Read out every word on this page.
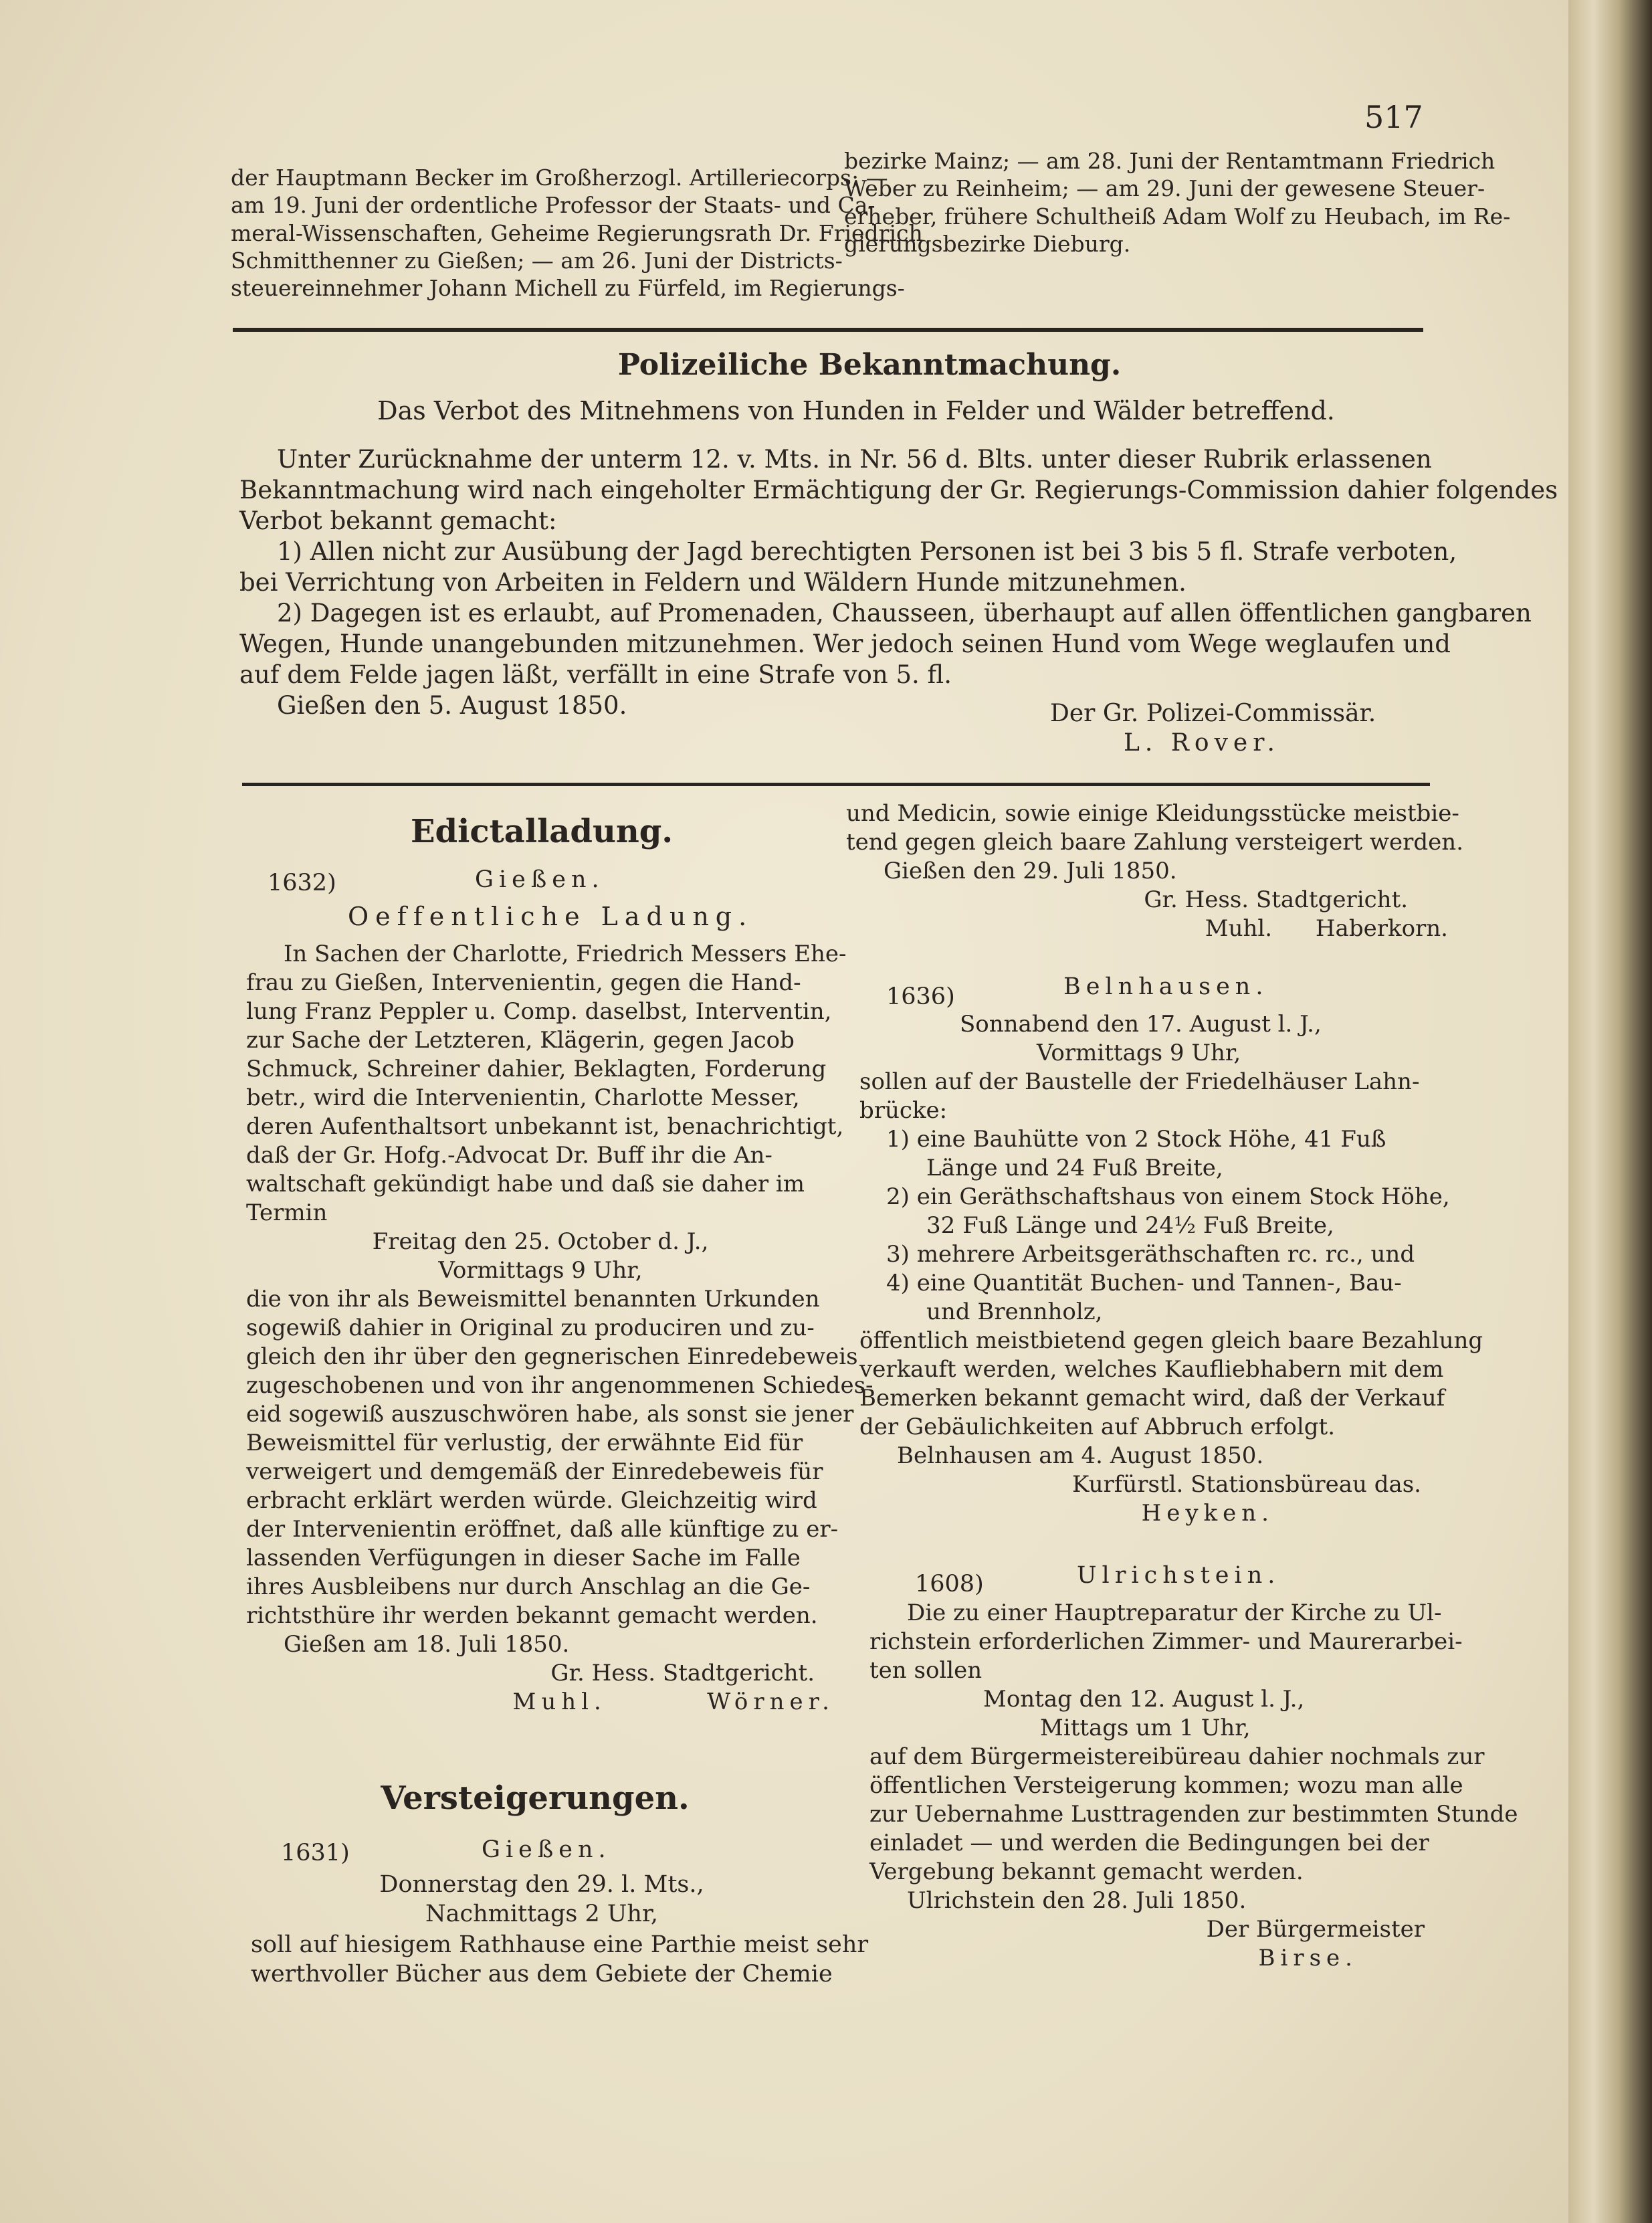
517
der Hauptmann Becker im Großherzogl. Artilleriecorps; —
am 19. Juni der ordentliche Professor der Staats- und Ca-
meral-Wissenschaften, Geheime Regierungsrath Dr. Friedrich
Schmitthenner zu Gießen; — am 26. Juni der Districts-
steuereinnehmer Johann Michell zu Fürfeld, im Regierungs-
bezirke Mainz; — am 28. Juni der Rentamtmann Friedrich
Weber zu Reinheim; — am 29. Juni der gewesene Steuer-
erheber, frühere Schultheiß Adam Wolf zu Heubach, im Re-
gierungsbezirke Dieburg.
Polizeiliche Bekanntmachung.
Das Verbot des Mitnehmens von Hunden in Felder und Wälder betreffend.
Unter Zurücknahme der unterm 12. v. Mts. in Nr. 56 d. Blts. unter dieser Rubrik erlassenen
Bekanntmachung wird nach eingeholter Ermächtigung der Gr. Regierungs-Commission dahier folgendes
Verbot bekannt gemacht:
1) Allen nicht zur Ausübung der Jagd berechtigten Personen ist bei 3 bis 5 fl. Strafe verboten,
bei Verrichtung von Arbeiten in Feldern und Wäldern Hunde mitzunehmen.
2) Dagegen ist es erlaubt, auf Promenaden, Chausseen, überhaupt auf allen öffentlichen gangbaren
Wegen, Hunde unangebunden mitzunehmen. Wer jedoch seinen Hund vom Wege weglaufen und
auf dem Felde jagen läßt, verfällt in eine Strafe von 5. fl.
Gießen den 5. August 1850.	Der Gr. Polizei-Commissär.
L. Rover.
Edictalladung.
1632)	Gießen.
Oeffentliche Ladung.
In Sachen der Charlotte, Friedrich Messers Ehe-
frau zu Gießen, Intervenientin, gegen die Hand-
lung Franz Peppler u. Comp. daselbst, Interventin,
zur Sache der Letzteren, Klägerin, gegen Jacob
Schmuck, Schreiner dahier, Beklagten, Forderung
betr., wird die Intervenientin, Charlotte Messer,
deren Aufenthaltsort unbekannt ist, benachrichtigt,
daß der Gr. Hofg.-Advocat Dr. Buff ihr die An-
waltschaft gekündigt habe und daß sie daher im
Termin
Freitag den 25. October d. J.,
Vormittags 9 Uhr,
die von ihr als Beweismittel benannten Urkunden
sogewiß dahier in Original zu produciren und zu-
gleich den ihr über den gegnerischen Einredebeweis
zugeschobenen und von ihr angenommenen Schiedes-
eid sogewiß auszuschwören habe, als sonst sie jener
Beweismittel für verlustig, der erwähnte Eid für
verweigert und demgemäß der Einredebeweis für
erbracht erklärt werden würde. Gleichzeitig wird
der Intervenientin eröffnet, daß alle künftige zu er-
lassenden Verfügungen in dieser Sache im Falle
ihres Ausbleibens nur durch Anschlag an die Ge-
richtsthüre ihr werden bekannt gemacht werden.
Gießen am 18. Juli 1850.
Gr. Hess. Stadtgericht.
Muhl.        Wörner.
Versteigerungen.
1631)	Gießen.
Donnerstag den 29. l. Mts.,
Nachmittags 2 Uhr,
soll auf hiesigem Rathhause eine Parthie meist sehr
werthvoller Bücher aus dem Gebiete der Chemie
und Medicin, sowie einige Kleidungsstücke meistbie-
tend gegen gleich baare Zahlung versteigert werden.
Gießen den 29. Juli 1850.
Gr. Hess. Stadtgericht.
Muhl.      Haberkorn.
1636)	Belnhausen.
Sonnabend den 17. August l. J.,
Vormittags 9 Uhr,
sollen auf der Baustelle der Friedelhäuser Lahn-
brücke:
1) eine Bauhütte von 2 Stock Höhe, 41 Fuß
Länge und 24 Fuß Breite,
2) ein Geräthschaftshaus von einem Stock Höhe,
32 Fuß Länge und 24½ Fuß Breite,
3) mehrere Arbeitsgeräthschaften rc. rc., und
4) eine Quantität Buchen- und Tannen-, Bau-
und Brennholz,
öffentlich meistbietend gegen gleich baare Bezahlung
verkauft werden, welches Kaufliebhabern mit dem
Bemerken bekannt gemacht wird, daß der Verkauf
der Gebäulichkeiten auf Abbruch erfolgt.
Belnhausen am 4. August 1850.
Kurfürstl. Stationsbüreau das.
Heyken.
1608)	Ulrichstein.
Die zu einer Hauptreparatur der Kirche zu Ul-
richstein erforderlichen Zimmer- und Maurerarbei-
ten sollen
Montag den 12. August l. J.,
Mittags um 1 Uhr,
auf dem Bürgermeistereibüreau dahier nochmals zur
öffentlichen Versteigerung kommen; wozu man alle
zur Uebernahme Lusttragenden zur bestimmten Stunde
einladet — und werden die Bedingungen bei der
Vergebung bekannt gemacht werden.
Ulrichstein den 28. Juli 1850.
Der Bürgermeister
Birse.
